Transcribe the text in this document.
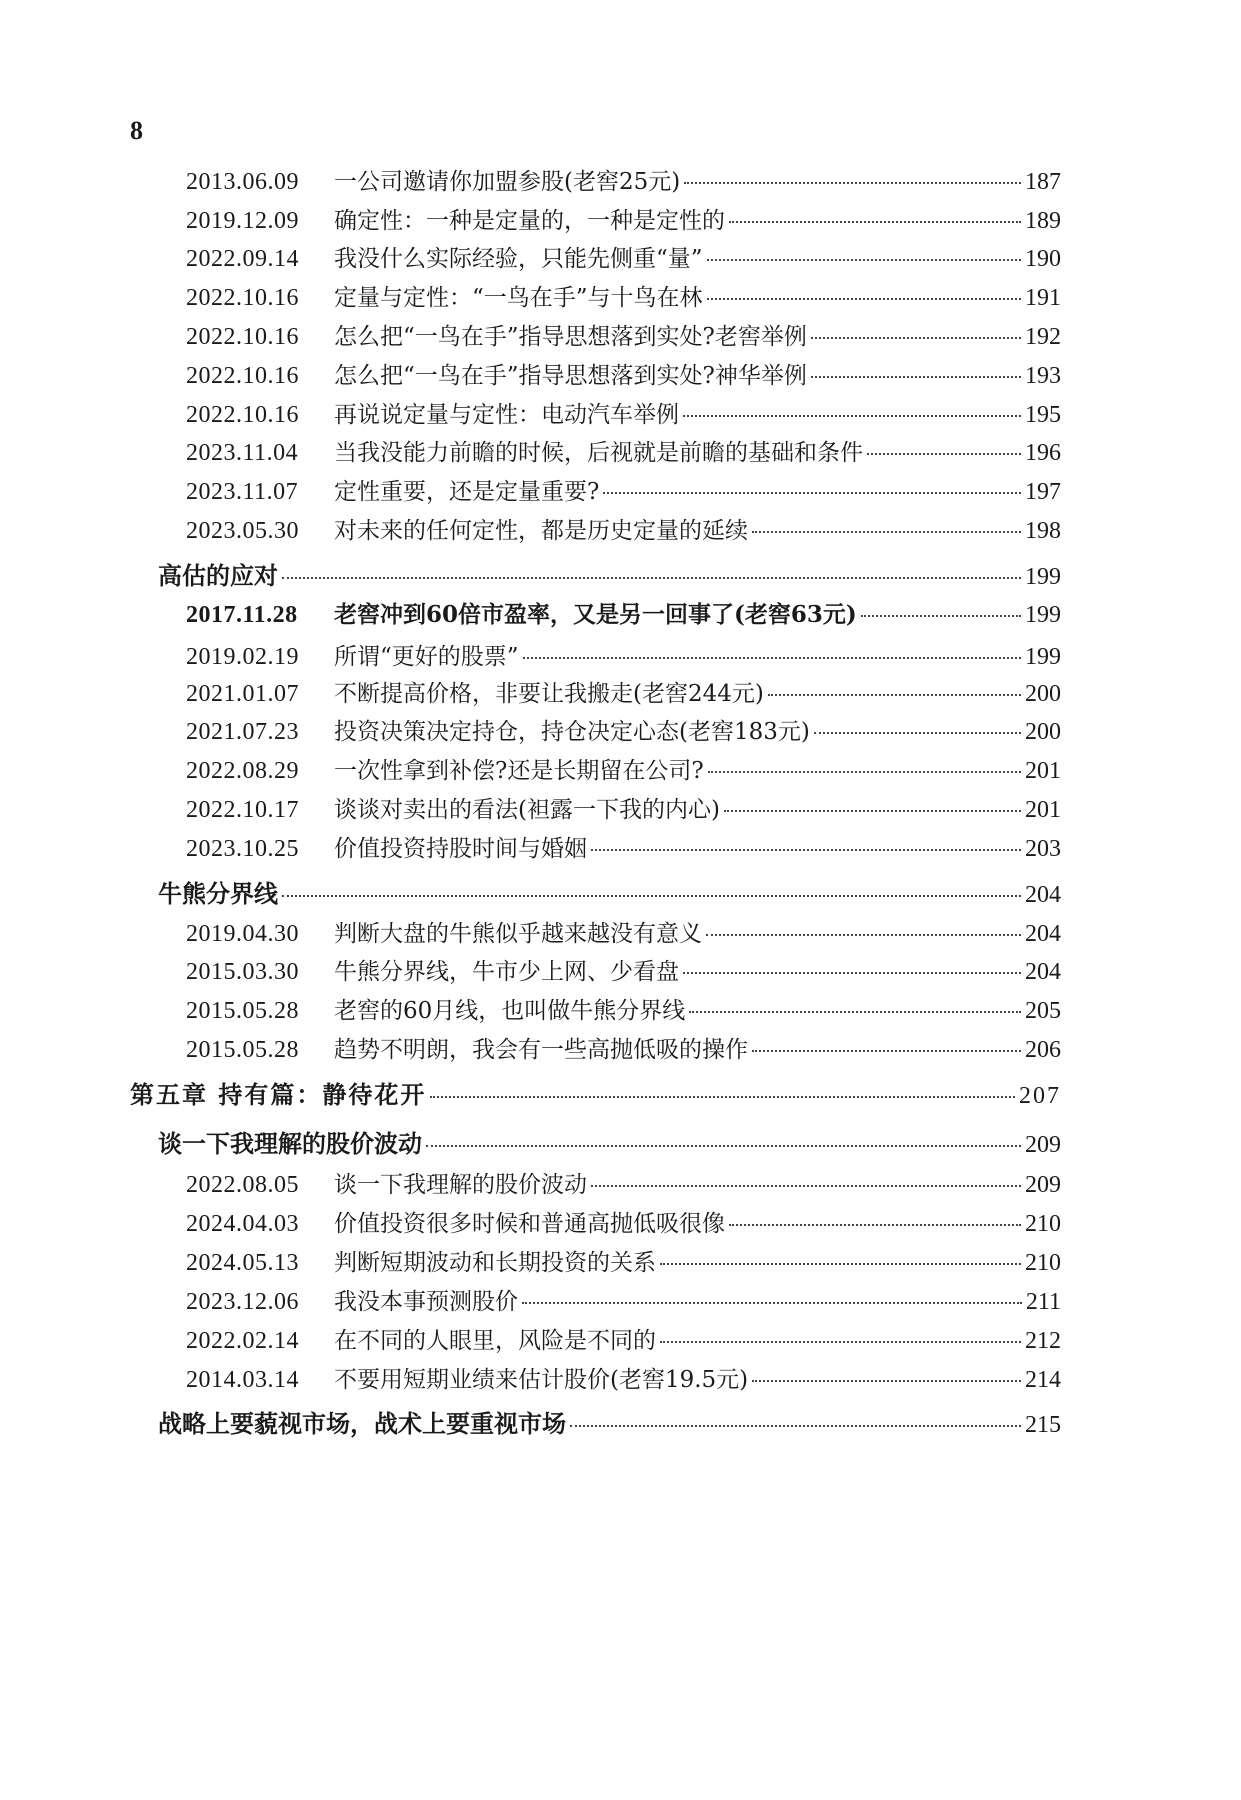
8
2013.06.09	一公司邀请你加盟参股(老窖25元)	187
2019.12.09	确定性：一种是定量的，一种是定性的	189
2022.09.14	我没什么实际经验，只能先侧重“量”	190
2022.10.16	定量与定性：“一鸟在手”与十鸟在林	191
2022.10.16	怎么把“一鸟在手”指导思想落到实处?老窖举例	192
2022.10.16	怎么把“一鸟在手”指导思想落到实处?神华举例	193
2022.10.16	再说说定量与定性：电动汽车举例	195
2023.11.04	当我没能力前瞻的时候，后视就是前瞻的基础和条件	196
2023.11.07	定性重要，还是定量重要?	197
2023.05.30	对未来的任何定性，都是历史定量的延续	198
高估的应对	199
2017.11.28	老窖冲到60倍市盈率，又是另一回事了(老窖63元)	199
2019.02.19	所谓“更好的股票”	199
2021.01.07	不断提高价格，非要让我搬走(老窖244元)	200
2021.07.23	投资决策决定持仓，持仓决定心态(老窖183元)	200
2022.08.29	一次性拿到补偿?还是长期留在公司?	201
2022.10.17	谈谈对卖出的看法(袒露一下我的内心)	201
2023.10.25	价值投资持股时间与婚姻	203
牛熊分界线	204
2019.04.30	判断大盘的牛熊似乎越来越没有意义	204
2015.03.30	牛熊分界线，牛市少上网、少看盘	204
2015.05.28	老窖的60月线，也叫做牛熊分界线	205
2015.05.28	趋势不明朗，我会有一些高抛低吸的操作	206
第五章 持有篇：静待花开	207
谈一下我理解的股价波动	209
2022.08.05	谈一下我理解的股价波动	209
2024.04.03	价值投资很多时候和普通高抛低吸很像	210
2024.05.13	判断短期波动和长期投资的关系	210
2023.12.06	我没本事预测股价	211
2022.02.14	在不同的人眼里，风险是不同的	212
2014.03.14	不要用短期业绩来估计股价(老窖19.5元)	214
战略上要藐视市场，战术上要重视市场	215
